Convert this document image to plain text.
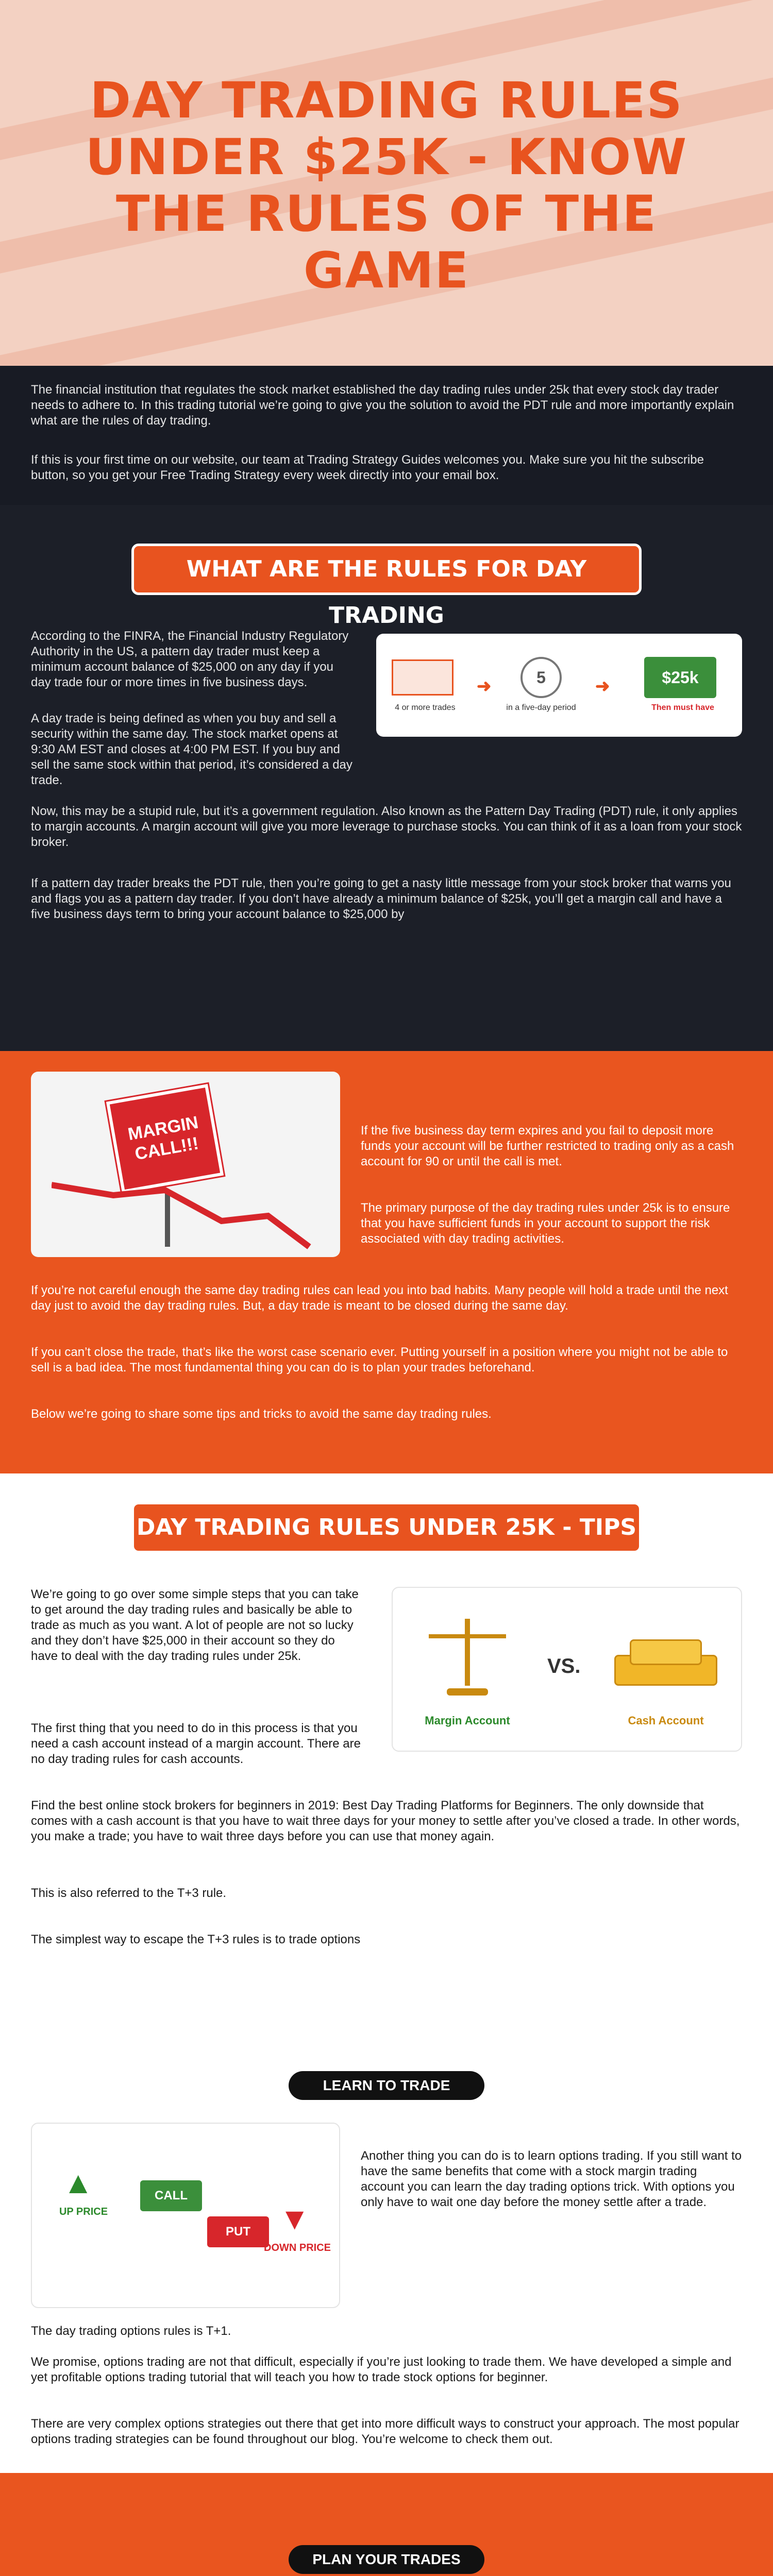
DAY TRADING RULES UNDER $25K - KNOW THE RULES OF THE GAME

The financial institution that regulates the stock market established the day trading rules under 25k that every stock day trader needs to adhere to. In this trading tutorial we’re going to give you the solution to avoid the PDT rule and more importantly explain what are the rules of day trading.

If this is your first time on our website, our team at Trading Strategy Guides welcomes you. Make sure you hit the subscribe button, so you get your Free Trading Strategy every week directly into your email box.

WHAT ARE THE RULES FOR DAY TRADING

According to the FINRA, the Financial Industry Regulatory Authority in the US, a pattern day trader must keep a minimum account balance of $25,000 on any day if you day trade four or more times in five business days.

A day trade is being defined as when you buy and sell a security within the same day. The stock market opens at 9:30 AM EST and closes at 4:00 PM EST. If you buy and sell the same stock within that period, it’s considered a day trade.

4 or more trades
➜	5
in a five-day period
➜	$25k
Then must have

Now, this may be a stupid rule, but it’s a government regulation. Also known as the Pattern Day Trading (PDT) rule, it only applies to margin accounts. A margin account will give you more leverage to purchase stocks. You can think of it as a loan from your stock broker.

If a pattern day trader breaks the PDT rule, then you’re going to get a nasty little message from your stock broker that warns you and flags you as a pattern day trader. If you don’t have already a minimum balance of $25k, you’ll get a margin call and have a five business days term to bring your account balance to $25,000 by

MARGIN CALL!!!

If the five business day term expires and you fail to deposit more funds your account will be further restricted to trading only as a cash account for 90 or until the call is met.

The primary purpose of the day trading rules under 25k is to ensure that you have sufficient funds in your account to support the risk associated with day trading activities.

If you’re not careful enough the same day trading rules can lead you into bad habits. Many people will hold a trade until the next day just to avoid the day trading rules. But, a day trade is meant to be closed during the same day.

If you can’t close the trade, that’s like the worst case scenario ever. Putting yourself in a position where you might not be able to sell is a bad idea. The most fundamental thing you can do is to plan your trades beforehand.

Below we’re going to share some tips and tricks to avoid the same day trading rules.

DAY TRADING RULES UNDER 25K - TIPS

We’re going to go over some simple steps that you can take to get around the day trading rules and basically be able to trade as much as you want. A lot of people are not so lucky and they don’t have $25,000 in their account so they do have to deal with the day trading rules under 25k.

Margin Account
VS.
Cash Account

The first thing that you need to do in this process is that you need a cash account instead of a margin account. There are no day trading rules for cash accounts.

Find the best online stock brokers for beginners in 2019: Best Day Trading Platforms for Beginners. The only downside that comes with a cash account is that you have to wait three days for your money to settle after you’ve closed a trade. In other words, you make a trade; you have to wait three days before you can use that money again.

This is also referred to the T+3 rule.

The simplest way to escape the T+3 rules is to trade options

LEARN TO TRADE OPTIONS
▲
UP PRICE
CALL
PUT ▼
DOWN PRICE

Another thing you can do is to learn options trading. If you still want to have the same benefits that come with a stock margin trading account you can learn the day trading options trick. With options you only have to wait one day before the money settle after a trade.

The day trading options rules is T+1.

We promise, options trading are not that difficult, especially if you’re just looking to trade them. We have developed a simple and yet profitable options trading tutorial that will teach you how to trade stock options for beginner.

There are very complex options strategies out there that get into more difficult ways to construct your approach. The most popular options trading strategies can be found throughout our blog. You’re welcome to check them out.

PLAN YOUR TRADES
